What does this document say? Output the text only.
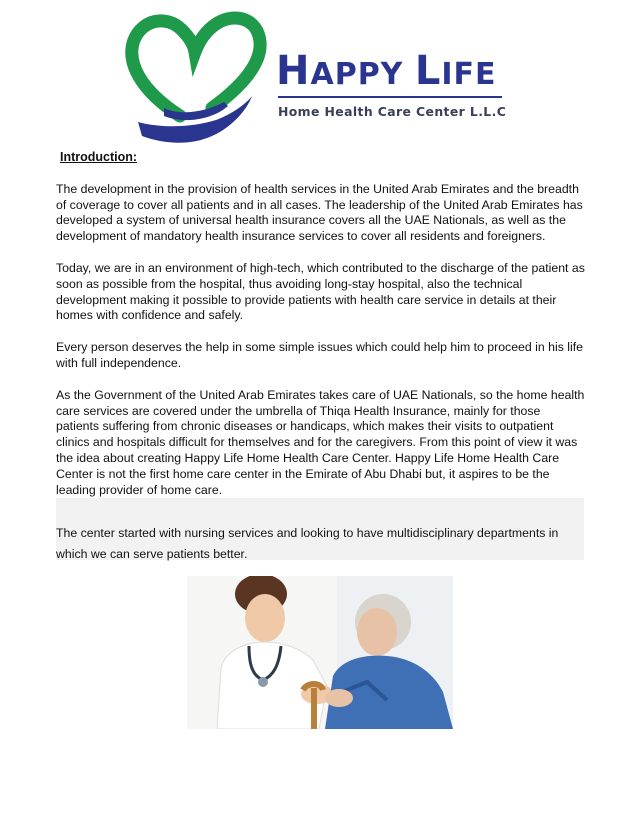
HAPPY LIFE
Home Health Care Center L.L.C

Introduction:

The development in the provision of health services in the United Arab Emirates and the breadth of coverage to cover all patients and in all cases. The leadership of the United Arab Emirates has developed a system of universal health insurance covers all the UAE Nationals, as well as the development of mandatory health insurance services to cover all residents and foreigners.

Today, we are in an environment of high-tech, which contributed to the discharge of the patient as soon as possible from the hospital, thus avoiding long-stay hospital, also the technical development making it possible to provide patients with health care service in details at their homes with confidence and safely.

Every person deserves the help in some simple issues which could help him to proceed in his life with full independence.

As the Government of the United Arab Emirates takes care of UAE Nationals, so the home health care services are covered under the umbrella of Thiqa Health Insurance, mainly for those patients suffering from chronic diseases or handicaps, which makes their visits to outpatient clinics and hospitals difficult for themselves and for the caregivers. From this point of view it was the idea about creating Happy Life Home Health Care Center. Happy Life Home Health Care Center is not the first home care center in the Emirate of Abu Dhabi but, it aspires to be the leading provider of home care.

The center started with nursing services and looking to have multidisciplinary departments in which we can serve patients better.
